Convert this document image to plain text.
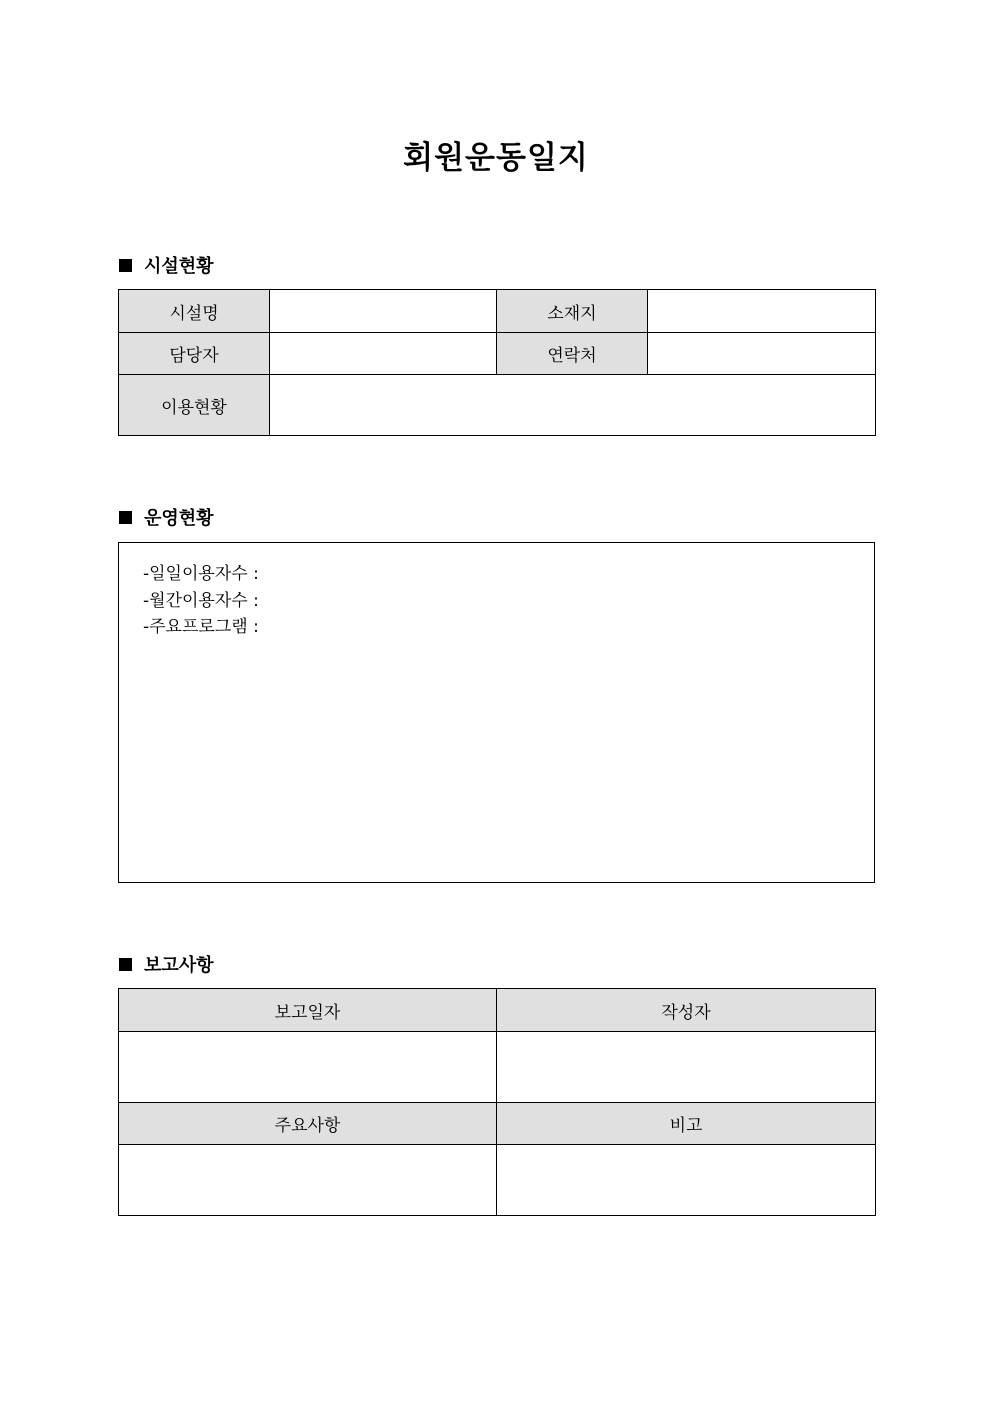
회원운동일지
시설현황
시설명		소재지	
담당자		연락처	
이용현황			
운영현황
-일일이용자수 :
-월간이용자수 :
-주요프로그램 :
보고사항
보고일자	작성자

주요사항	비고
